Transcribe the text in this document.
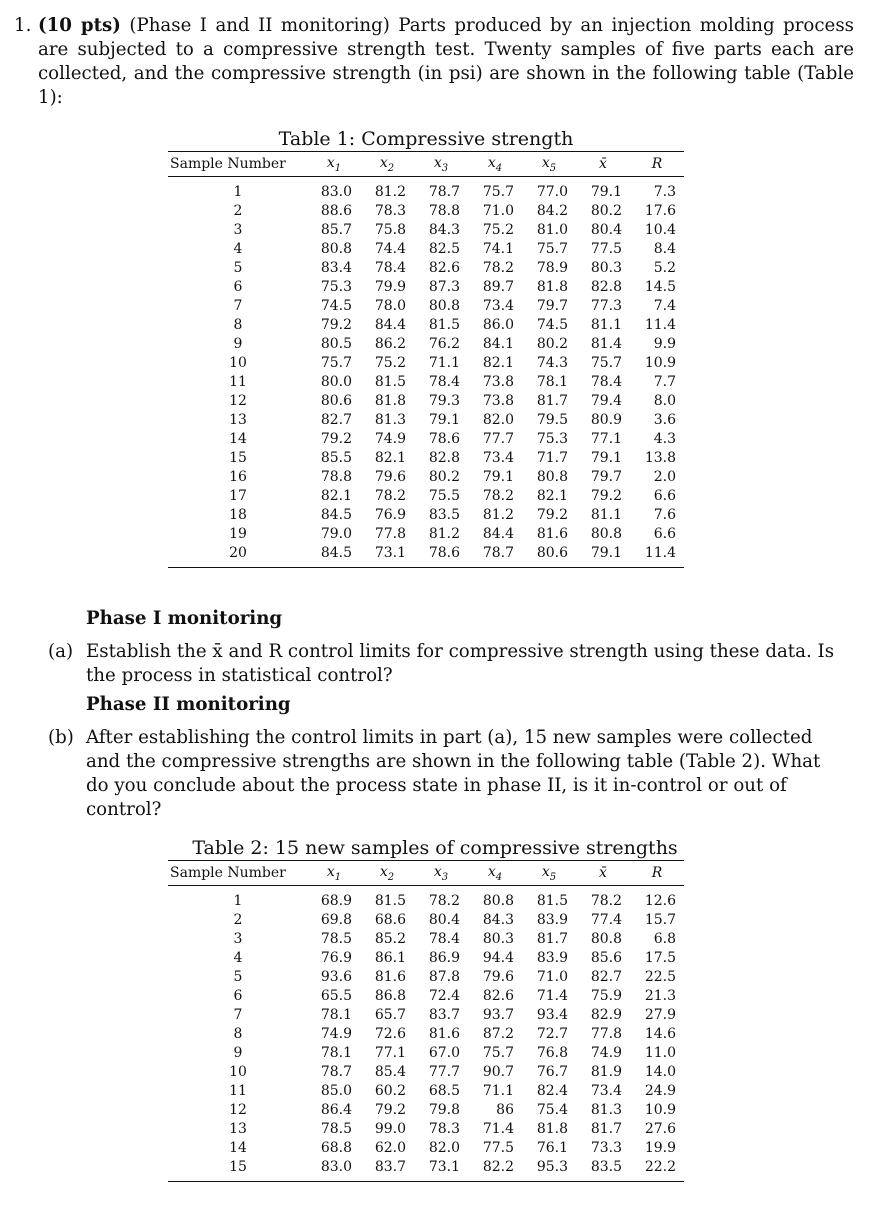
1. (10 pts) (Phase I and II monitoring) Parts produced by an injection molding process are subjected to a compressive strength test. Twenty samples of five parts each are collected, and the compressive strength (in psi) are shown in the following table (Table 1):
Table 1: Compressive strength
Sample Number	$x_1$	$x_2$	$x_3$	$x_4$	$x_5$	x̄	R
1	83.0	81.2	78.7	75.7	77.0	79.1	7.3
2	88.6	78.3	78.8	71.0	84.2	80.2	17.6
3	85.7	75.8	84.3	75.2	81.0	80.4	10.4
4	80.8	74.4	82.5	74.1	75.7	77.5	8.4
5	83.4	78.4	82.6	78.2	78.9	80.3	5.2
6	75.3	79.9	87.3	89.7	81.8	82.8	14.5
7	74.5	78.0	80.8	73.4	79.7	77.3	7.4
8	79.2	84.4	81.5	86.0	74.5	81.1	11.4
9	80.5	86.2	76.2	84.1	80.2	81.4	9.9
10	75.7	75.2	71.1	82.1	74.3	75.7	10.9
11	80.0	81.5	78.4	73.8	78.1	78.4	7.7
12	80.6	81.8	79.3	73.8	81.7	79.4	8.0
13	82.7	81.3	79.1	82.0	79.5	80.9	3.6
14	79.2	74.9	78.6	77.7	75.3	77.1	4.3
15	85.5	82.1	82.8	73.4	71.7	79.1	13.8
16	78.8	79.6	80.2	79.1	80.8	79.7	2.0
17	82.1	78.2	75.5	78.2	82.1	79.2	6.6
18	84.5	76.9	83.5	81.2	79.2	81.1	7.6
19	79.0	77.8	81.2	84.4	81.6	80.8	6.6
20	84.5	73.1	78.6	78.7	80.6	79.1	11.4
Phase I monitoring
(a) Establish the x̄ and R control limits for compressive strength using these data. Is the process in statistical control?
Phase II monitoring
(b) After establishing the control limits in part (a), 15 new samples were collected and the compressive strengths are shown in the following table (Table 2). What do you conclude about the process state in phase II, is it in-control or out of control?
Table 2: 15 new samples of compressive strengths
Sample Number	$x_1$	$x_2$	$x_3$	$x_4$	$x_5$	x̄	R
1	68.9	81.5	78.2	80.8	81.5	78.2	12.6
2	69.8	68.6	80.4	84.3	83.9	77.4	15.7
3	78.5	85.2	78.4	80.3	81.7	80.8	6.8
4	76.9	86.1	86.9	94.4	83.9	85.6	17.5
5	93.6	81.6	87.8	79.6	71.0	82.7	22.5
6	65.5	86.8	72.4	82.6	71.4	75.9	21.3
7	78.1	65.7	83.7	93.7	93.4	82.9	27.9
8	74.9	72.6	81.6	87.2	72.7	77.8	14.6
9	78.1	77.1	67.0	75.7	76.8	74.9	11.0
10	78.7	85.4	77.7	90.7	76.7	81.9	14.0
11	85.0	60.2	68.5	71.1	82.4	73.4	24.9
12	86.4	79.2	79.8	86	75.4	81.3	10.9
13	78.5	99.0	78.3	71.4	81.8	81.7	27.6
14	68.8	62.0	82.0	77.5	76.1	73.3	19.9
15	83.0	83.7	73.1	82.2	95.3	83.5	22.2
